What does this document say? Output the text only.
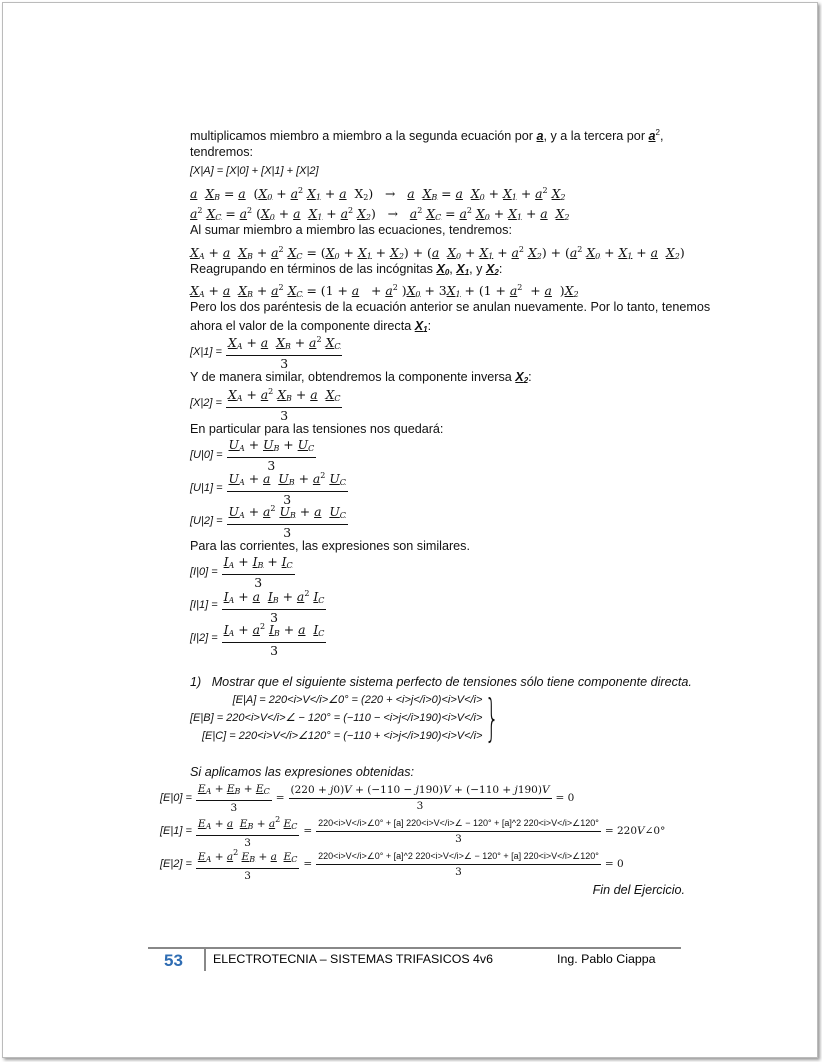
multiplicamos miembro a miembro a la segunda ecuación por a, y a la tercera por $a^2$,
tendremos:
[X|A] = [X|0] + [X|1] + [X|2]
a $X_B = a$  ($X_0 + a^2$ $X_1 + a$  $X_2) \to a$ $X_B = a$ $X_0 + X_1 + a^2$ $X_2$
$a^2$ $X_C = a^2$ ($X_0 + a$ $X_1 + a^2$ $X_2) \to a^2$ $X_C = a^2$ $X_0 + X_1 + a$ $X_2$
Al sumar miembro a miembro las ecuaciones, tendremos:
$X_A + a$ $X_B + a^2$ $X_C = (X_0 + X_1 + X_2) + (a$ $X_0 + X_1 + a^2$ $X_2) + (a^2$ $X_0 + X_1 + a$ $X_2$)
Reagrupando en términos de las incógnitas $X_0$, $X_1$, y $X_2$:
$X_A + a$ $X_B + a^2$ $X_C = (1 + a + a^2$ )$X_0 + 3X_1 + (1 + a^2 + a$  )$X_2$
Pero los dos paréntesis de la ecuación anterior se anulan nuevamente. Por lo tanto, tenemos
ahora el valor de la componente directa $X_1$:
$[X|1] = \frac{X_A + a X_B + a^2 X_C}{3}$
Y de manera similar, obtendremos la componente inversa $X_2$:
$[X|2] = \frac{X_A + a^2 X_B + a X_C}{3}$
En particular para las tensiones nos quedará:
$[U|0] = \frac{U_A + U_B + U_C}{3}$
$[U|1] = \frac{U_A + a U_B + a^2 U_C}{3}$
$[U|2] = \frac{U_A + a^2 U_B + a U_C}{3}$
Para las corrientes, las expresiones son similares.
$[I|0] = \frac{I_A + I_B + I_C}{3}$
$[I|1] = \frac{I_A + a I_B + a^2 I_C}{3}$
$[I|2] = \frac{I_A + a^2 I_B + a I_C}{3}$
1)   Mostrar que el siguiente sistema perfecto de tensiones sólo tiene componente directa.
[E|A] = 220<i>V</i>∠0° = (220 + <i>j</i>0)<i>V</i>
[E|B] = 220<i>V</i>∠ − 120° = (−110 − <i>j</i>190)<i>V</i>
[E|C] = 220<i>V</i>∠120° = (−110 + <i>j</i>190)<i>V</i> }
Si aplicamos las expresiones obtenidas:
$[E|0] = \frac{E_A + E_B + E_C}{3} = \frac{(220 + j0)V + (-110 - j190)V + (-110 + j190)V}{3} = 0$
$[E|1] = \frac{E_A + a E_B + a^2 E_C}{3}$ =
220<i>V</i>∠0° + [a] 220<i>V</i>∠ − 120° + [a]^2 220<i>V</i>∠120°
3
= 220V∠0°
$[E|2] = \frac{E_A + a^2 E_B + a E_C}{3}$ =
220<i>V</i>∠0° + [a]^2 220<i>V</i>∠ − 120° + [a] 220<i>V</i>∠120°
3
= 0
Fin del Ejercicio.
53 ELECTROTECNIA – SISTEMAS TRIFASICOS 4v6	Ing. Pablo Ciappa
